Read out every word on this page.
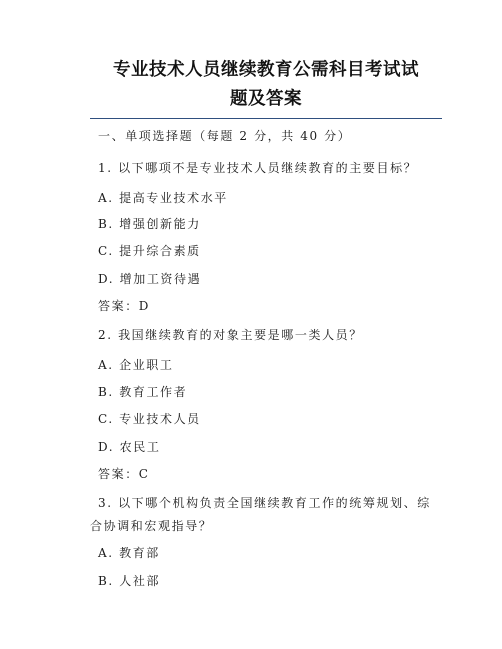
专业技术人员继续教育公需科目考试试
题及答案
一、单项选择题（每题 2 分，共 40 分）
1. 以下哪项不是专业技术人员继续教育的主要目标？
A. 提高专业技术水平
B. 增强创新能力
C. 提升综合素质
D. 增加工资待遇
答案：D
2. 我国继续教育的对象主要是哪一类人员？
A. 企业职工
B. 教育工作者
C. 专业技术人员
D. 农民工
答案：C
3. 以下哪个机构负责全国继续教育工作的统筹规划、综
合协调和宏观指导？
A. 教育部
B. 人社部
